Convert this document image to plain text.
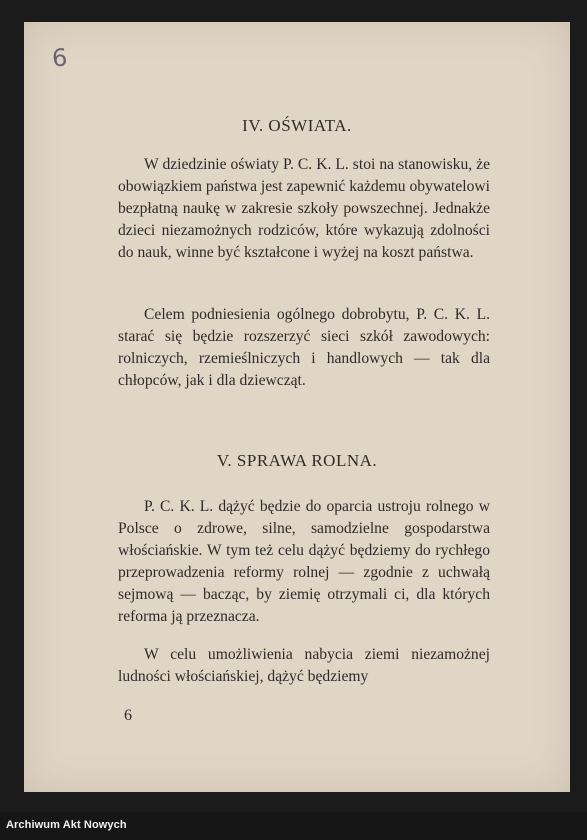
6
IV. OŚWIATA.

W dziedzinie oświaty P. C. K. L. stoi na stanowisku, że obowiązkiem państwa jest zapewnić każdemu obywatelowi bezpłatną naukę w zakresie szkoły powszechnej. Jednakże dzieci niezamożnych rodziców, które wykazują zdolności do nauk, winne być kształcone i wyżej na koszt państwa.

Celem podniesienia ogólnego dobrobytu, P. C. K. L. starać się będzie rozszerzyć sieci szkół zawodowych: rolniczych, rzemieślniczych i handlowych — tak dla chłopców, jak i dla dziewcząt.

V. SPRAWA ROLNA.

P. C. K. L. dążyć będzie do oparcia ustroju rolnego w Polsce o zdrowe, silne, samodzielne gospodarstwa włościańskie. W tym też celu dążyć będziemy do rychłego przeprowadzenia reformy rolnej — zgodnie z uchwałą sejmową — bacząc, by ziemię otrzymali ci, dla których reforma ją przeznacza.

W celu umożliwienia nabycia ziemi niezamożnej ludności włościańskiej, dążyć będziemy

6
Archiwum Akt Nowych
